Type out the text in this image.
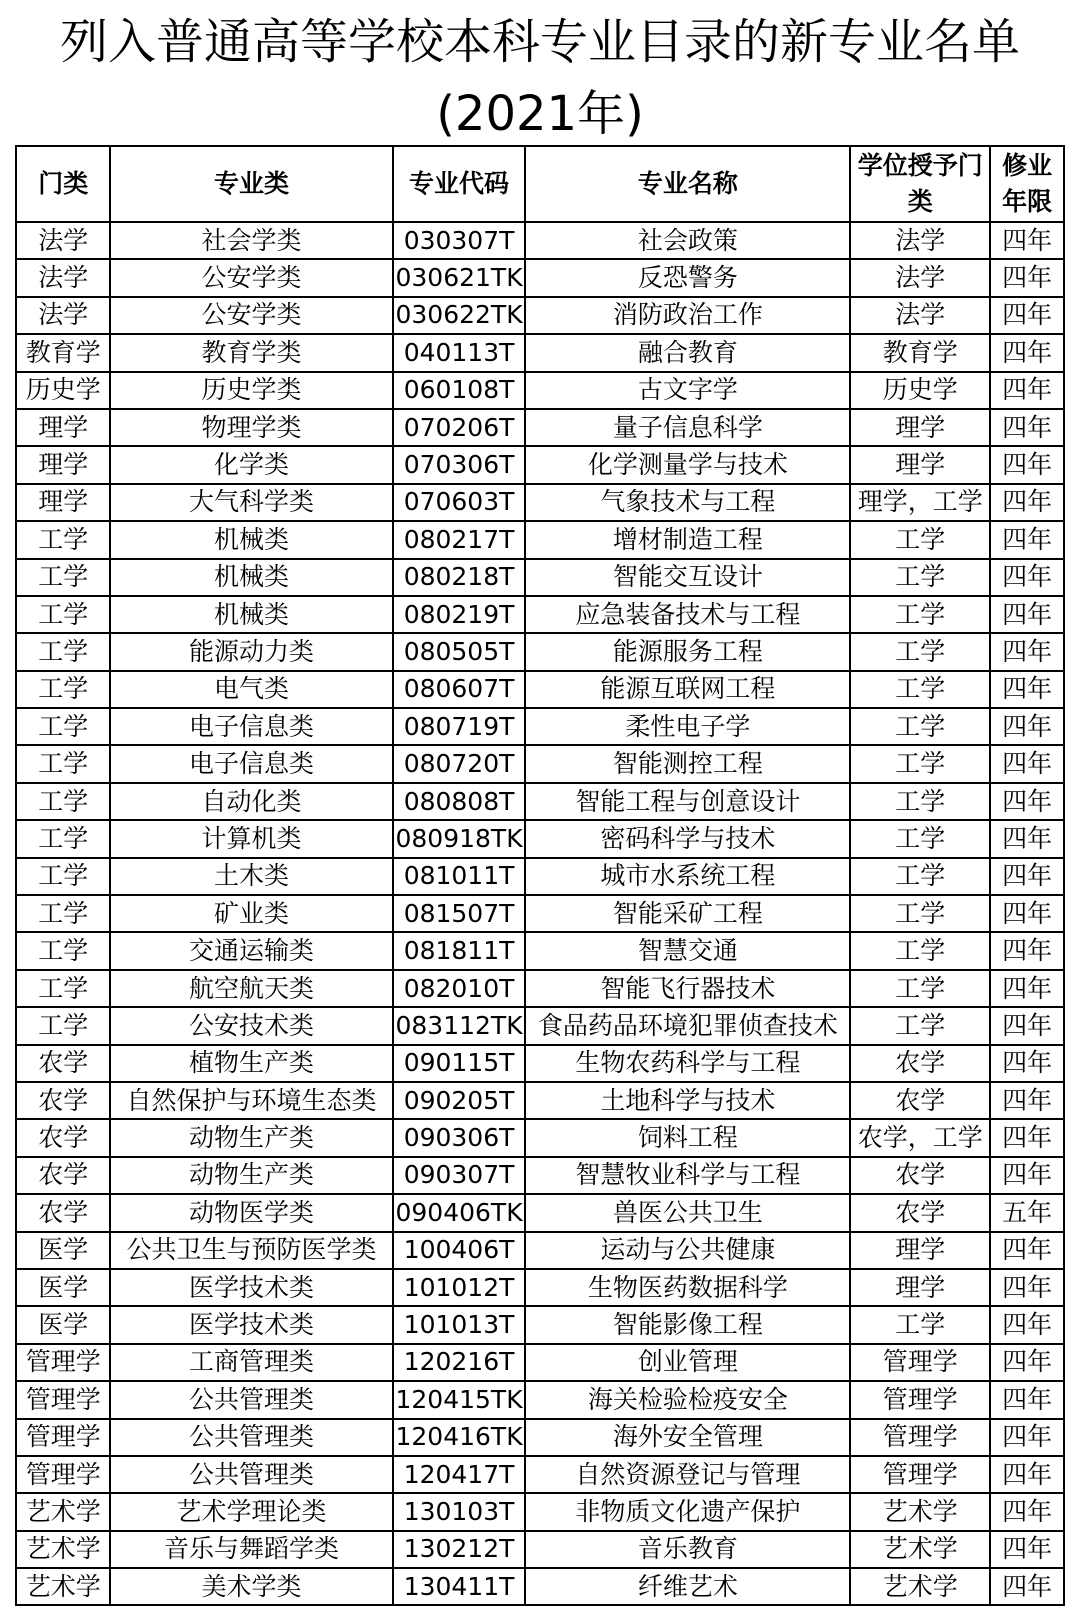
列入普通高等学校本科专业目录的新专业名单
(2021年)
门类	专业类	专业代码	专业名称	学位授予门类	修业年限
法学	社会学类	030307T	社会政策	法学	四年
法学	公安学类	030621TK	反恐警务	法学	四年
法学	公安学类	030622TK	消防政治工作	法学	四年
教育学	教育学类	040113T	融合教育	教育学	四年
历史学	历史学类	060108T	古文字学	历史学	四年
理学	物理学类	070206T	量子信息科学	理学	四年
理学	化学类	070306T	化学测量学与技术	理学	四年
理学	大气科学类	070603T	气象技术与工程	理学，工学	四年
工学	机械类	080217T	增材制造工程	工学	四年
工学	机械类	080218T	智能交互设计	工学	四年
工学	机械类	080219T	应急装备技术与工程	工学	四年
工学	能源动力类	080505T	能源服务工程	工学	四年
工学	电气类	080607T	能源互联网工程	工学	四年
工学	电子信息类	080719T	柔性电子学	工学	四年
工学	电子信息类	080720T	智能测控工程	工学	四年
工学	自动化类	080808T	智能工程与创意设计	工学	四年
工学	计算机类	080918TK	密码科学与技术	工学	四年
工学	土木类	081011T	城市水系统工程	工学	四年
工学	矿业类	081507T	智能采矿工程	工学	四年
工学	交通运输类	081811T	智慧交通	工学	四年
工学	航空航天类	082010T	智能飞行器技术	工学	四年
工学	公安技术类	083112TK	食品药品环境犯罪侦查技术	工学	四年
农学	植物生产类	090115T	生物农药科学与工程	农学	四年
农学	自然保护与环境生态类	090205T	土地科学与技术	农学	四年
农学	动物生产类	090306T	饲料工程	农学，工学	四年
农学	动物生产类	090307T	智慧牧业科学与工程	农学	四年
农学	动物医学类	090406TK	兽医公共卫生	农学	五年
医学	公共卫生与预防医学类	100406T	运动与公共健康	理学	四年
医学	医学技术类	101012T	生物医药数据科学	理学	四年
医学	医学技术类	101013T	智能影像工程	工学	四年
管理学	工商管理类	120216T	创业管理	管理学	四年
管理学	公共管理类	120415TK	海关检验检疫安全	管理学	四年
管理学	公共管理类	120416TK	海外安全管理	管理学	四年
管理学	公共管理类	120417T	自然资源登记与管理	管理学	四年
艺术学	艺术学理论类	130103T	非物质文化遗产保护	艺术学	四年
艺术学	音乐与舞蹈学类	130212T	音乐教育	艺术学	四年
艺术学	美术学类	130411T	纤维艺术	艺术学	四年
